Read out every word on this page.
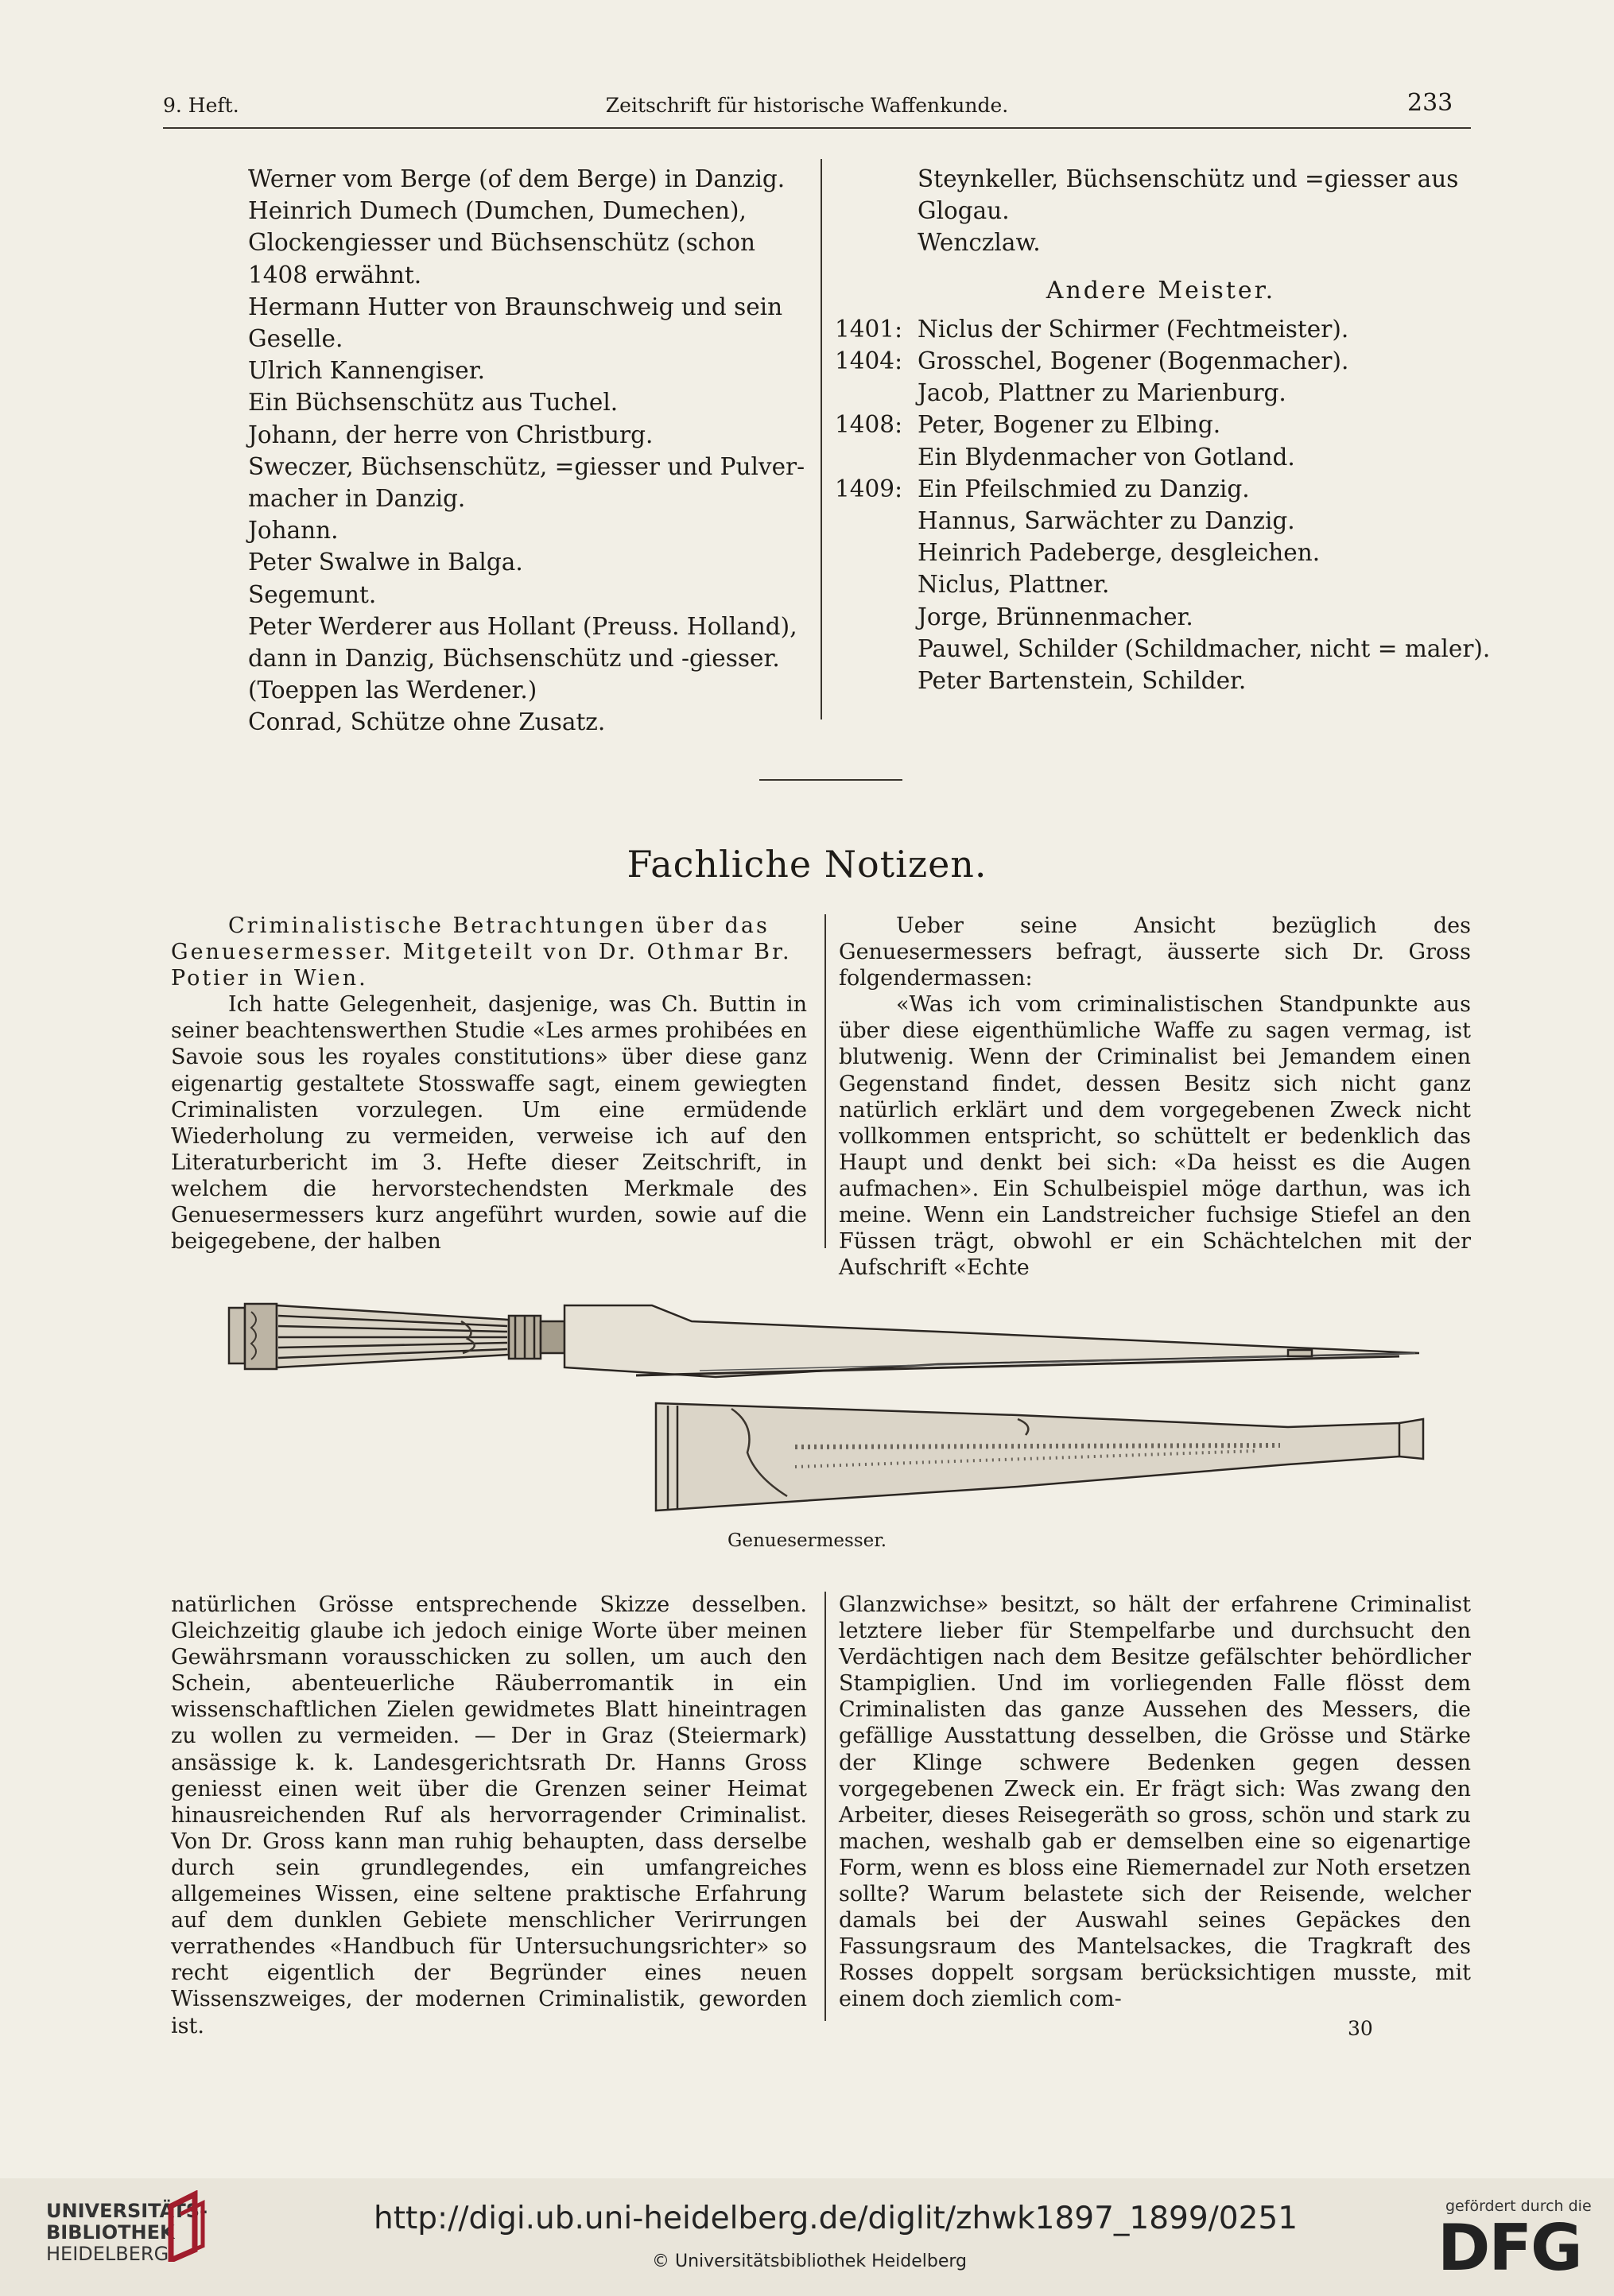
9. Heft.	Zeitschrift für historische Waffenkunde.	233
Werner vom Berge (of dem Berge) in Danzig.
Heinrich Dumech (Dumchen, Dumechen),
Glockengiesser und Büchsenschütz (schon
1408 erwähnt.
Hermann Hutter von Braunschweig und sein
Geselle.
Ulrich Kannengiser.
Ein Büchsenschütz aus Tuchel.
Johann, der herre von Christburg.
Sweczer, Büchsenschütz, =giesser und Pulver-
macher in Danzig.
Johann.
Peter Swalwe in Balga.
Segemunt.
Peter Werderer aus Hollant (Preuss. Holland),
dann in Danzig, Büchsenschütz und -giesser.
(Toeppen las Werdener.)
Conrad, Schütze ohne Zusatz.
Steynkeller, Büchsenschütz und =giesser aus
Glogau.
Wenczlaw.
Andere Meister.
1401: Niclus der Schirmer (Fechtmeister).
1404: Grosschel, Bogener (Bogenmacher).
Jacob, Plattner zu Marienburg.
1408: Peter, Bogener zu Elbing.
Ein Blydenmacher von Gotland.
1409: Ein Pfeilschmied zu Danzig.
Hannus, Sarwächter zu Danzig.
Heinrich Padeberge, desgleichen.
Niclus, Plattner.
Jorge, Brünnenmacher.
Pauwel, Schilder (Schildmacher, nicht = maler).
Peter Bartenstein, Schilder.
Fachliche Notizen.

Criminalistische Betrachtungen über das

Genuesermesser. Mitgeteilt von Dr. Othmar Br.

Potier in Wien.

Ich hatte Gelegenheit, dasjenige, was Ch. Buttin in seiner beachtenswerthen Studie «Les armes prohibées en Savoie sous les royales constitutions» über diese ganz eigenartig gestaltete Stosswaffe sagt, einem gewiegten Criminalisten vorzulegen. Um eine ermüdende Wiederholung zu vermeiden, verweise ich auf den Literaturbericht im 3. Hefte dieser Zeitschrift, in welchem die hervorstechendsten Merkmale des Genuesermessers kurz angeführt wurden, sowie auf die beigegebene, der halben

Ueber seine Ansicht bezüglich des Genuesermessers befragt, äusserte sich Dr. Gross folgendermassen:

«Was ich vom criminalistischen Standpunkte aus über diese eigenthümliche Waffe zu sagen vermag, ist blutwenig. Wenn der Criminalist bei Jemandem einen Gegenstand findet, dessen Besitz sich nicht ganz natürlich erklärt und dem vorgegebenen Zweck nicht vollkommen entspricht, so schüttelt er bedenklich das Haupt und denkt bei sich: «Da heisst es die Augen aufmachen». Ein Schulbeispiel möge darthun, was ich meine. Wenn ein Landstreicher fuchsige Stiefel an den Füssen trägt, obwohl er ein Schächtelchen mit der Aufschrift «Echte

Genuesermesser.

natürlichen Grösse entsprechende Skizze desselben. Gleichzeitig glaube ich jedoch einige Worte über meinen Gewährsmann vorausschicken zu sollen, um auch den Schein, abenteuerliche Räuberromantik in ein wissenschaftlichen Zielen gewidmetes Blatt hineintragen zu wollen zu vermeiden. — Der in Graz (Steiermark) ansässige k. k. Landesgerichtsrath Dr. Hanns Gross geniesst einen weit über die Grenzen seiner Heimat hinausreichenden Ruf als hervorragender Criminalist. Von Dr. Gross kann man ruhig behaupten, dass derselbe durch sein grundlegendes, ein umfangreiches allgemeines Wissen, eine seltene praktische Erfahrung auf dem dunklen Gebiete menschlicher Verirrungen verrathendes «Handbuch für Untersuchungsrichter» so recht eigentlich der Begründer eines neuen Wissenszweiges, der modernen Criminalistik, geworden ist.

Glanzwichse» besitzt, so hält der erfahrene Criminalist letztere lieber für Stempelfarbe und durchsucht den Verdächtigen nach dem Besitze gefälschter behördlicher Stampiglien. Und im vorliegenden Falle flösst dem Criminalisten das ganze Aussehen des Messers, die gefällige Ausstattung desselben, die Grösse und Stärke der Klinge schwere Bedenken gegen dessen vorgegebenen Zweck ein. Er frägt sich: Was zwang den Arbeiter, dieses Reisegeräth so gross, schön und stark zu machen, weshalb gab er demselben eine so eigenartige Form, wenn es bloss eine Riemernadel zur Noth ersetzen sollte? Warum belastete sich der Reisende, welcher damals bei der Auswahl seines Gepäckes den Fassungsraum des Mantelsackes, die Tragkraft des Rosses doppelt sorgsam berücksichtigen musste, mit einem doch ziemlich com-

30
UNIVERSITÄTS-
BIBLIOTHEK
HEIDELBERG
http://digi.ub.uni-heidelberg.de/diglit/zhwk1897_1899/0251
© Universitätsbibliothek Heidelberg
gefördert durch die
DFG
